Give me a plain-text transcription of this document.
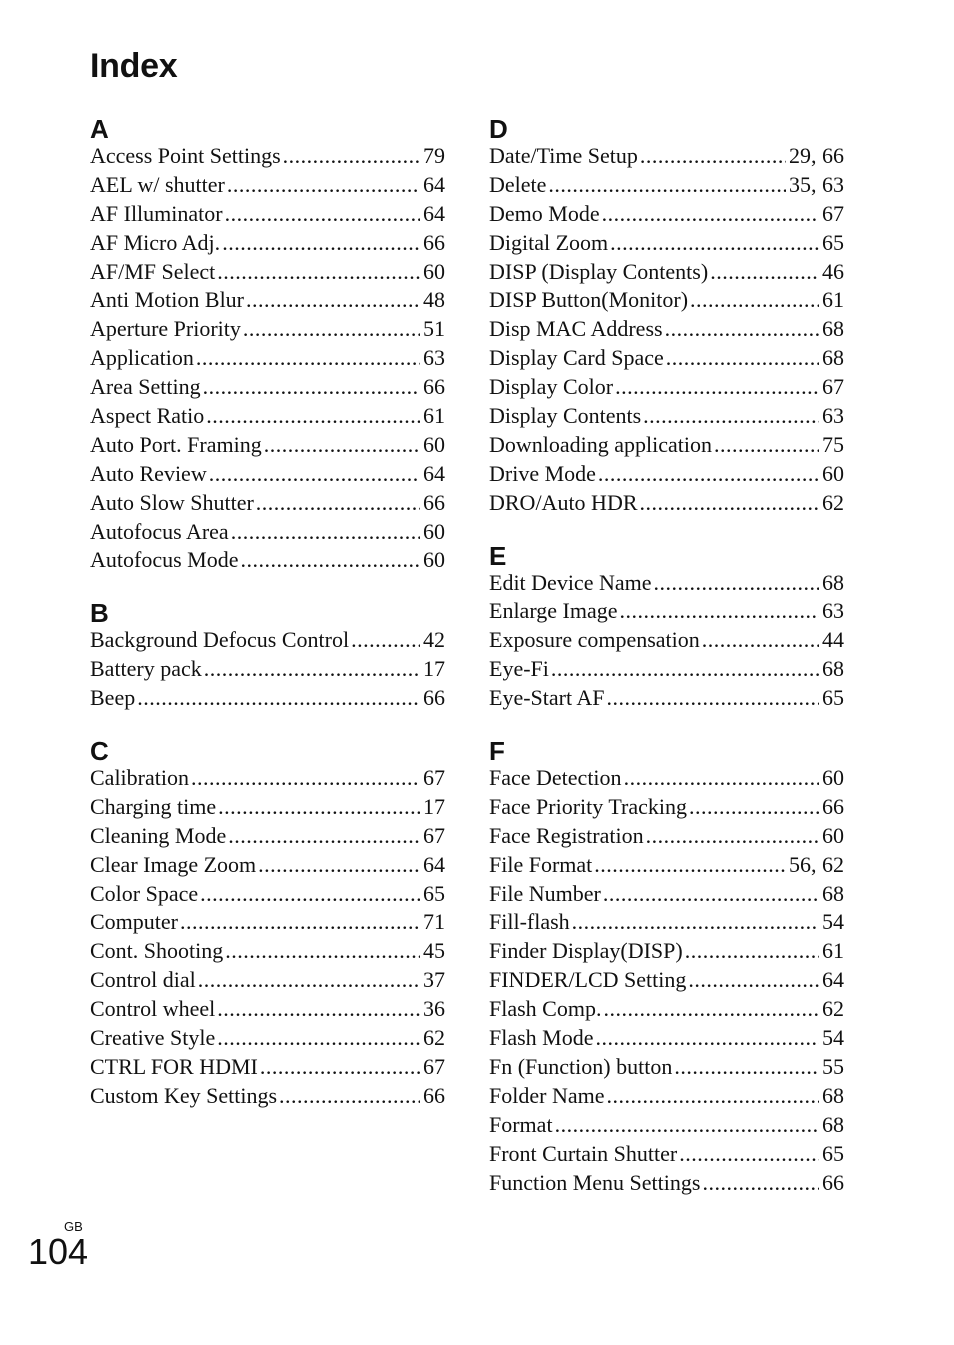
Index
A
Access Point Settings .....	79
AEL w/ shutter .....	64
AF Illuminator .....	64
AF Micro Adj. .....	66
AF/MF Select .....	60
Anti Motion Blur .....	48
Aperture Priority .....	51
Application .....	63
Area Setting .....	66
Aspect Ratio .....	61
Auto Port. Framing .....	60
Auto Review .....	64
Auto Slow Shutter .....	66
Autofocus Area .....	60
Autofocus Mode .....	60
B
Background Defocus Control .....	42
Battery pack .....	17
Beep .....	66
C
Calibration .....	67
Charging time .....	17
Cleaning Mode .....	67
Clear Image Zoom .....	64
Color Space .....	65
Computer .....	71
Cont. Shooting .....	45
Control dial .....	37
Control wheel .....	36
Creative Style .....	62
CTRL FOR HDMI .....	67
Custom Key Settings .....	66
D
Date/Time Setup .....	29, 66
Delete .....	35, 63
Demo Mode .....	67
Digital Zoom .....	65
DISP (Display Contents) .....	46
DISP Button(Monitor) .....	61
Disp MAC Address .....	68
Display Card Space .....	68
Display Color .....	67
Display Contents .....	63
Downloading application .....	75
Drive Mode .....	60
DRO/Auto HDR .....	62
E
Edit Device Name .....	68
Enlarge Image .....	63
Exposure compensation .....	44
Eye-Fi .....	68
Eye-Start AF .....	65
F
Face Detection .....	60
Face Priority Tracking .....	66
Face Registration .....	60
File Format .....	56, 62
File Number .....	68
Fill-flash .....	54
Finder Display(DISP) .....	61
FINDER/LCD Setting .....	64
Flash Comp. .....	62
Flash Mode .....	54
Fn (Function) button .....	55
Folder Name .....	68
Format .....	68
Front Curtain Shutter .....	65
Function Menu Settings .....	66
GB
104
